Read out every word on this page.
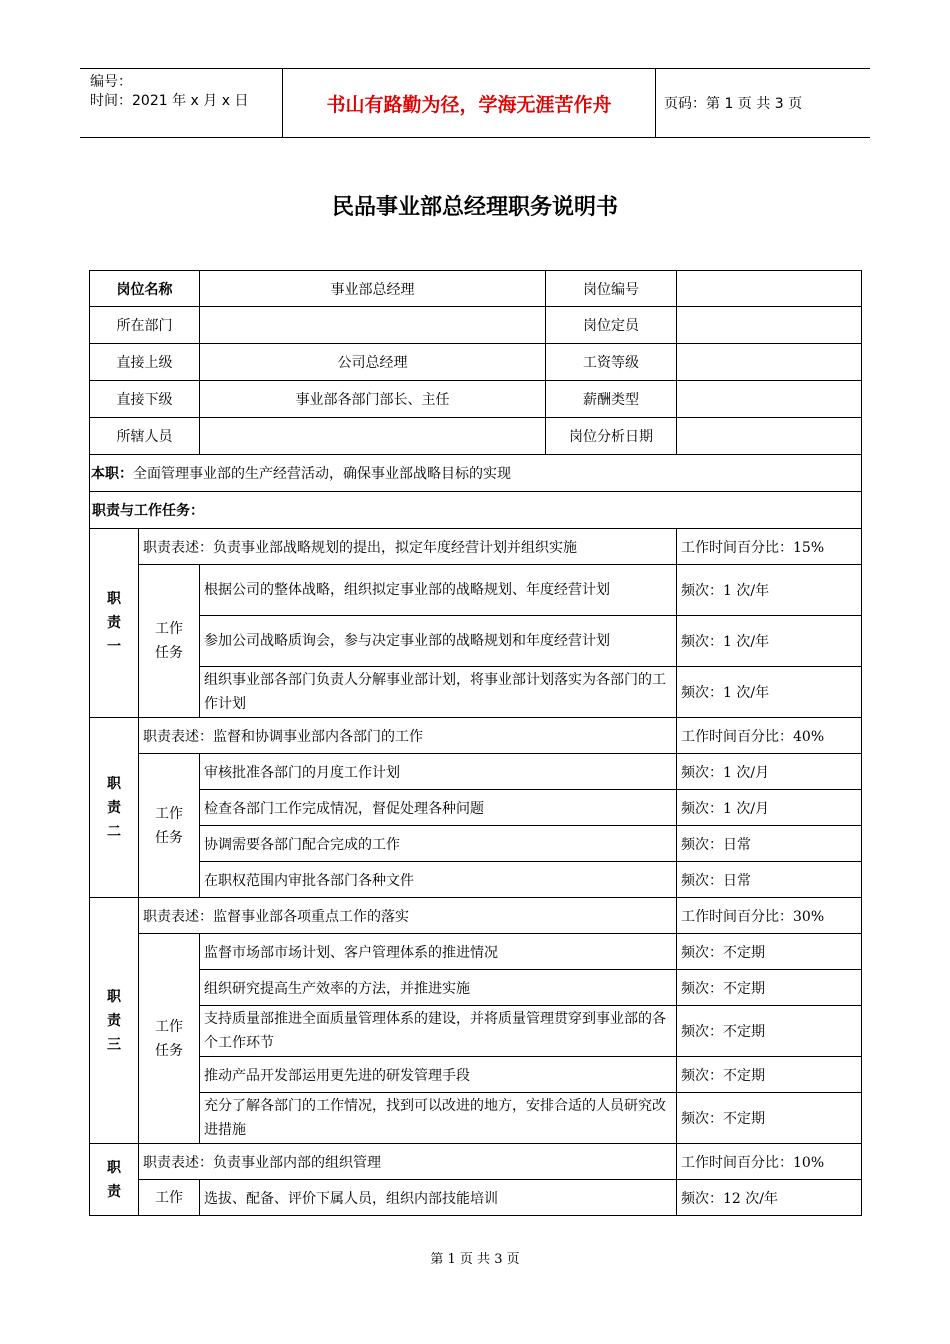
编号：
时间：2021 年 x 月 x 日	书山有路勤为径，学海无涯苦作舟	页码：第 1 页 共 3 页
民品事业部总经理职务说明书
岗位名称		事业部总经理	岗位编号	
所在部门			岗位定员	
直接上级		公司总经理	工资等级	
直接下级		事业部各部门部长、主任	薪酬类型	
所辖人员			岗位分析日期	
本职：全面管理事业部的生产经营活动，确保事业部战略目标的实现				
职责与工作任务：				
职责一	职责表述：负责事业部战略规划的提出，拟定年度经营计划并组织实施			工作时间百分比：15%
	工作任务	根据公司的整体战略，组织拟定事业部的战略规划、年度经营计划		频次：1 次/年
		参加公司战略质询会，参与决定事业部的战略规划和年度经营计划		频次：1 次/年
		组织事业部各部门负责人分解事业部计划，将事业部计划落实为各部门的工作计划		频次：1 次/年
职责二	职责表述：监督和协调事业部内各部门的工作			工作时间百分比：40%
	工作任务	审核批准各部门的月度工作计划		频次：1 次/月
		检查各部门工作完成情况，督促处理各种问题		频次：1 次/月
		协调需要各部门配合完成的工作		频次：日常
		在职权范围内审批各部门各种文件		频次：日常
职责三	职责表述：监督事业部各项重点工作的落实			工作时间百分比：30%
	工作任务	监督市场部市场计划、客户管理体系的推进情况		频次：不定期
		组织研究提高生产效率的方法，并推进实施		频次：不定期
		支持质量部推进全面质量管理体系的建设，并将质量管理贯穿到事业部的各个工作环节		频次：不定期
		推动产品开发部运用更先进的研发管理手段		频次：不定期
		充分了解各部门的工作情况，找到可以改进的地方，安排合适的人员研究改进措施		频次：不定期
职责	职责表述：负责事业部内部的组织管理			工作时间百分比：10%
	工作	选拔、配备、评价下属人员，组织内部技能培训		频次：12 次/年
第 1 页 共 3 页
